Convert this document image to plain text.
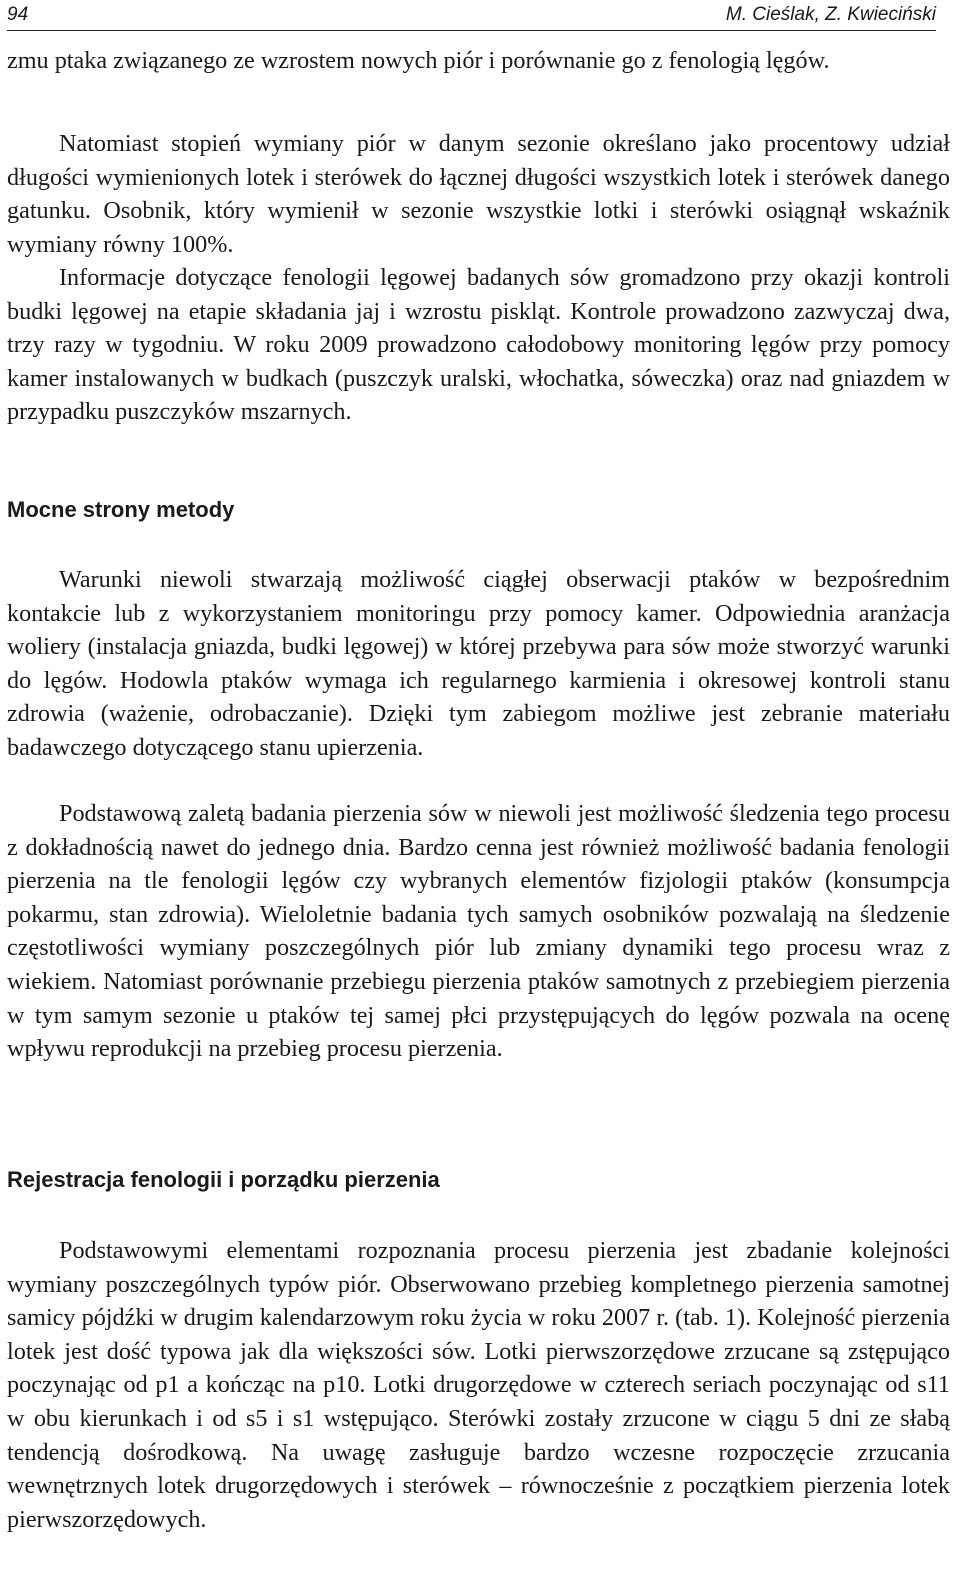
94	M. Cieślak, Z. Kwieciński

zmu ptaka związanego ze wzrostem nowych piór i porównanie go z fenologią lęgów.

Natomiast stopień wymiany piór w danym sezonie określano jako procentowy udział długości wymienionych lotek i sterówek do łącznej długości wszystkich lotek i sterówek danego gatunku. Osobnik, który wymienił w sezonie wszystkie lotki i sterówki osiągnął wskaźnik wymiany równy 100%.

Informacje dotyczące fenologii lęgowej badanych sów gromadzono przy okazji kontroli budki lęgowej na etapie składania jaj i wzrostu piskląt. Kontrole prowadzono zazwyczaj dwa, trzy razy w tygodniu. W roku 2009 prowadzono całodobowy monitoring lęgów przy pomocy kamer instalowanych w budkach (puszczyk uralski, włochatka, sóweczka) oraz nad gniazdem w przypadku puszczyków mszarnych.

Mocne strony metody

Warunki niewoli stwarzają możliwość ciągłej obserwacji ptaków w bezpośrednim kontakcie lub z wykorzystaniem monitoringu przy pomocy kamer. Odpowiednia aranżacja woliery (instalacja gniazda, budki lęgowej) w której przebywa para sów może stworzyć warunki do lęgów. Hodowla ptaków wymaga ich regularnego karmienia i okresowej kontroli stanu zdrowia (ważenie, odrobaczanie). Dzięki tym zabiegom możliwe jest zebranie materiału badawczego dotyczącego stanu upierzenia.

Podstawową zaletą badania pierzenia sów w niewoli jest możliwość śledzenia tego procesu z dokładnością nawet do jednego dnia. Bardzo cenna jest również możliwość badania fenologii pierzenia na tle fenologii lęgów czy wybranych elementów fizjologii ptaków (konsumpcja pokarmu, stan zdrowia). Wieloletnie badania tych samych osobników pozwalają na śledzenie częstotliwości wymiany poszczególnych piór lub zmiany dynamiki tego procesu wraz z wiekiem. Natomiast porównanie przebiegu pierzenia ptaków samotnych z przebiegiem pierzenia w tym samym sezonie u ptaków tej samej płci przystępujących do lęgów pozwala na ocenę wpływu reprodukcji na przebieg procesu pierzenia.

Rejestracja fenologii i porządku pierzenia

Podstawowymi elementami rozpoznania procesu pierzenia jest zbadanie kolejności wymiany poszczególnych typów piór. Obserwowano przebieg kompletnego pierzenia samotnej samicy pójdźki w drugim kalendarzowym roku życia w roku 2007 r. (tab. 1). Kolejność pierzenia lotek jest dość typowa jak dla większości sów. Lotki pierwszorzędowe zrzucane są zstępująco poczynając od p1 a kończąc na p10. Lotki drugorzędowe w czterech seriach poczynając od s11 w obu kierunkach i od s5 i s1 wstępująco. Sterówki zostały zrzucone w ciągu 5 dni ze słabą tendencją dośrodkową. Na uwagę zasługuje bardzo wczesne rozpoczęcie zrzucania wewnętrznych lotek drugorzędowych i sterówek – równocześnie z początkiem pierzenia lotek pierwszorzędowych.
